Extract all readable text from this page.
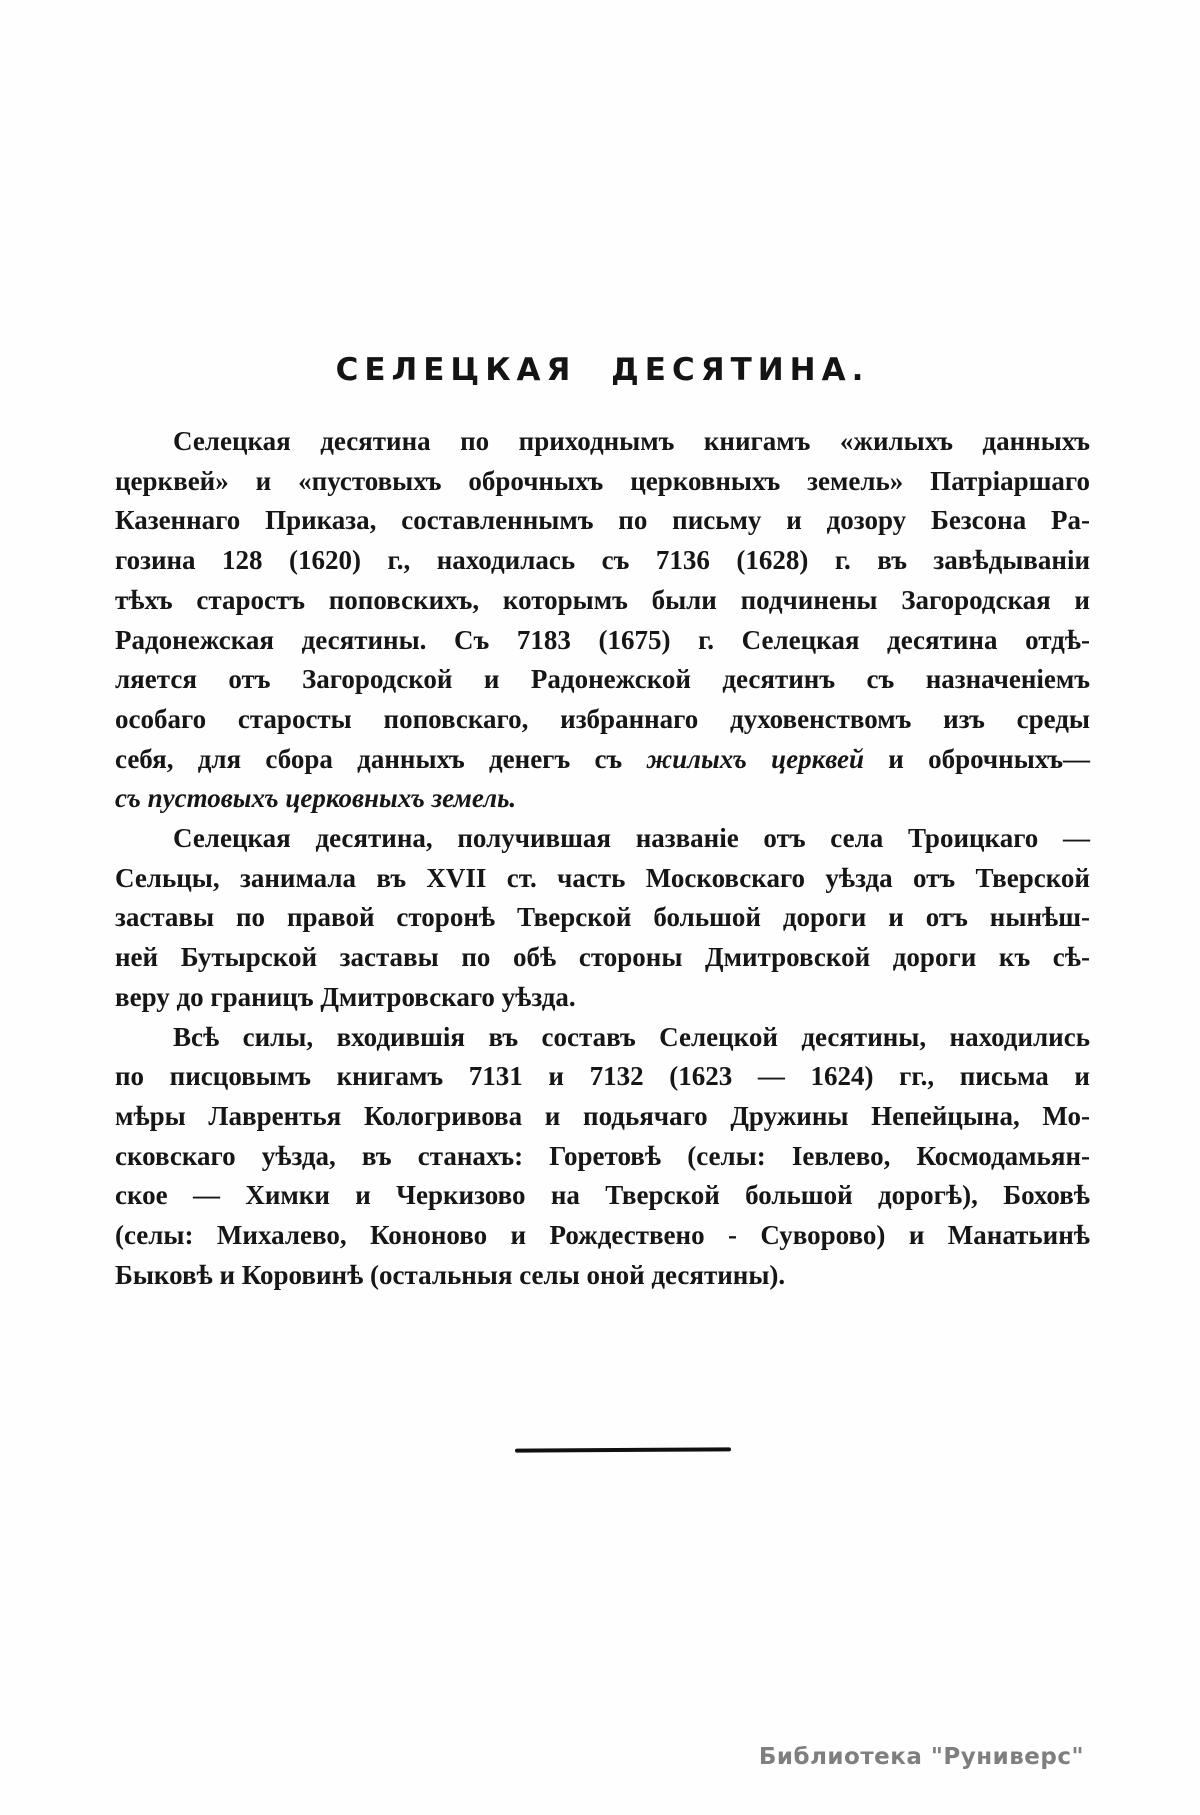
СЕЛЕЦКАЯ ДЕСЯТИНА.
Селецкая десятина по приходнымъ книгамъ «жилыхъ данныхъ
церквей» и «пустовыхъ оброчныхъ церковныхъ земель» Патріаршаго
Казеннаго Приказа, составленнымъ по письму и дозору Безсона Ра-
гозина 128 (1620) г., находилась съ 7136 (1628) г. въ завѣдываніи
тѣхъ старостъ поповскихъ, которымъ были подчинены Загородская и
Радонежская десятины. Съ 7183 (1675) г. Селецкая десятина отдѣ-
ляется отъ Загородской и Радонежской десятинъ съ назначеніемъ
особаго старосты поповскаго, избраннаго духовенствомъ изъ среды
себя, для сбора данныхъ денегъ съ жилыхъ церквей и оброчныхъ—
съ пустовыхъ церковныхъ земель.
Селецкая десятина, получившая названіе отъ села Троицкаго —
Сельцы, занимала въ XVII ст. часть Московскаго уѣзда отъ Тверской
заставы по правой сторонѣ Тверской большой дороги и отъ нынѣш-
ней Бутырской заставы по обѣ стороны Дмитровской дороги къ сѣ-
веру до границъ Дмитровскаго уѣзда.
Всѣ силы, входившія въ составъ Селецкой десятины, находились
по писцовымъ книгамъ 7131 и 7132 (1623 — 1624) гг., письма и
мѣры Лаврентья Кологривова и подьячаго Дружины Непейцына, Мо-
сковскаго уѣзда, въ станахъ: Горетовѣ (селы: Іевлево, Космодамьян-
ское — Химки и Черкизово на Тверской большой дорогѣ), Боховѣ
(селы: Михалево, Кононово и Рождествено - Суворово) и Манатьинѣ
Быковѣ и Коровинѣ (остальныя селы оной десятины).
Библиотека "Руниверс"
